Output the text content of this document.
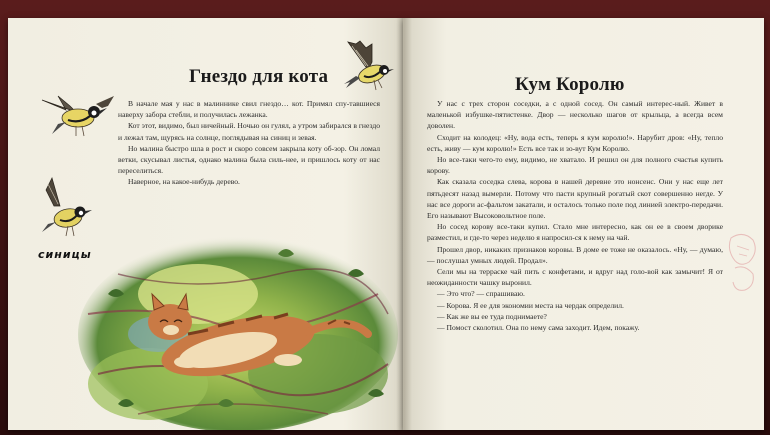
Гнездо для кота
синицы

В начале мая у нас в малиннике свил гнездо… кот. Примял спу-тавшиеся наверху забора стебли, и получилась лежанка.

Кот этот, видимо, был ничейный. Ночью он гулял, а утром забирался в гнездо и лежал там, щурясь на солнце, поглядывая на синиц и зевая.

Но малина быстро шла в рост и скоро совсем закрыла коту об-зор. Он ломал ветки, скусывал листья, однако малина была силь-нее, и пришлось коту от нас переселиться.

Наверное, на какое-нибудь дерево.

Кум Королю

У нас с трех сторон соседки, а с одной сосед. Он самый интерес-ный. Живет в маленькой избушке-пятистенке. Двор — несколько шагов от крыльца, а всегда всем доволен.

Сходит на колодец: «Ну, вода есть, теперь я кум королю!». Нарубит дров: «Ну, тепло есть, живу — кум королю!» Есть все так и зо-вут Кум Королю.

Но все-таки чего-то ему, видимо, не хватало. И решил он для полного счастья купить корову.

Как сказала соседка слева, корова в нашей деревне это нонсенс. Они у нас еще лет пятьдесят назад вымерли. Потому что пасти крупный рогатый скот совершенно негде. У нас все дороги ас-фальтом закатали, и осталось только поле под линией электро-передачи. Его называют Высоковольтное поле.

Но сосед корову все-таки купил. Стало мне интересно, как он ее в своем дворике разместил, и где-то через неделю я напросил-ся к нему на чай.

Прошел двор, никаких признаков коровы. В доме ее тоже не оказалось. «Ну, — думаю, — послушал умных людей. Продал».

Сели мы на терраске чай пить с конфетами, и вдруг над голо-вой как замычит! Я от неожиданности чашку выронил.

— Это что? — спрашиваю.

— Корова. Я ее для экономии места на чердак определил.

— Как же вы ее туда поднимаете?

— Помост сколотил. Она по нему сама заходит. Идем, покажу.
